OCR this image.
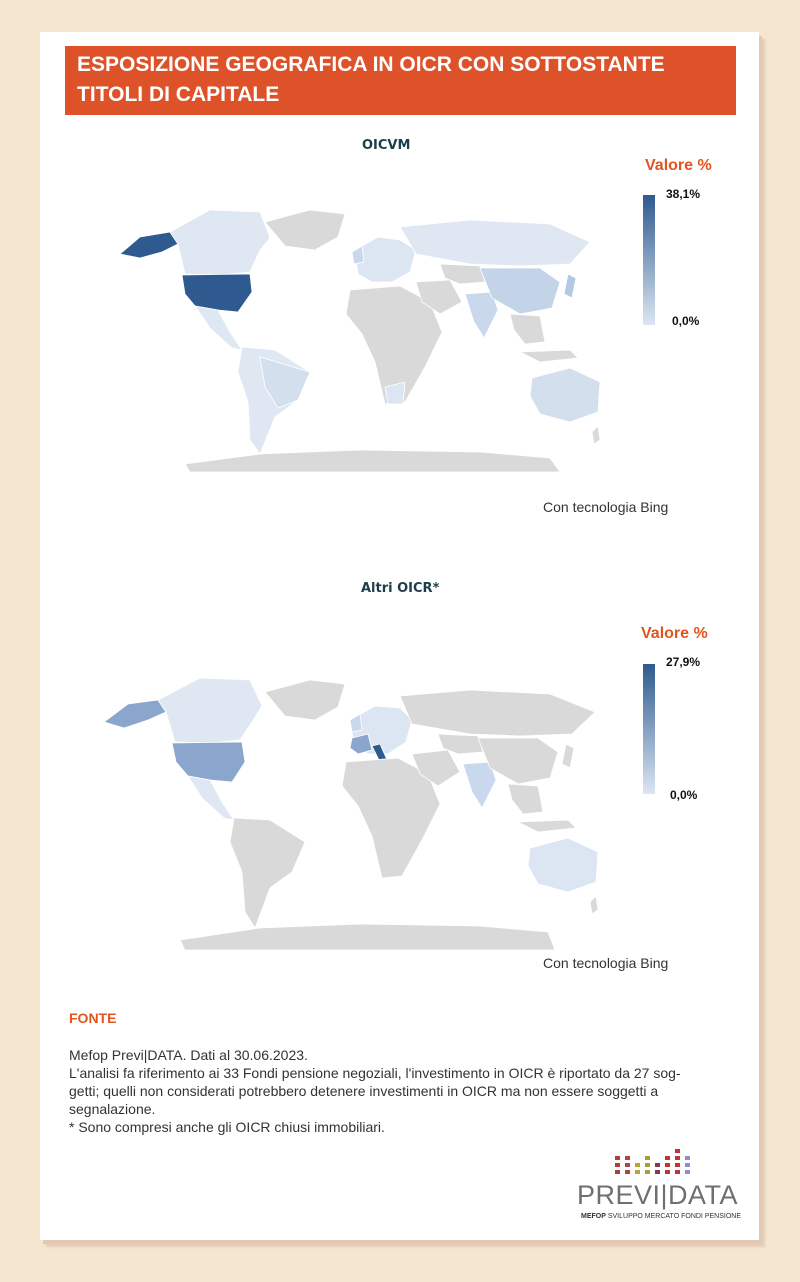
ESPOSIZIONE GEOGRAFICA IN OICR CON SOTTOSTANTE
TITOLI DI CAPITALE
OICVM
Valore %
38,1%
0,0%
Con tecnologia Bing
Altri OICR*
Valore %
27,9%
0,0%
Con tecnologia Bing
FONTE
Mefop Previ|DATA. Dati al 30.06.2023.
L'analisi fa riferimento ai 33 Fondi pensione negoziali, l'investimento in OICR è riportato da 27 sog-
getti; quelli non considerati potrebbero detenere investimenti in OICR ma non essere soggetti a
segnalazione.
* Sono compresi anche gli OICR chiusi immobiliari.
PREVI|DATA
MEFOP SVILUPPO MERCATO FONDI PENSIONE
